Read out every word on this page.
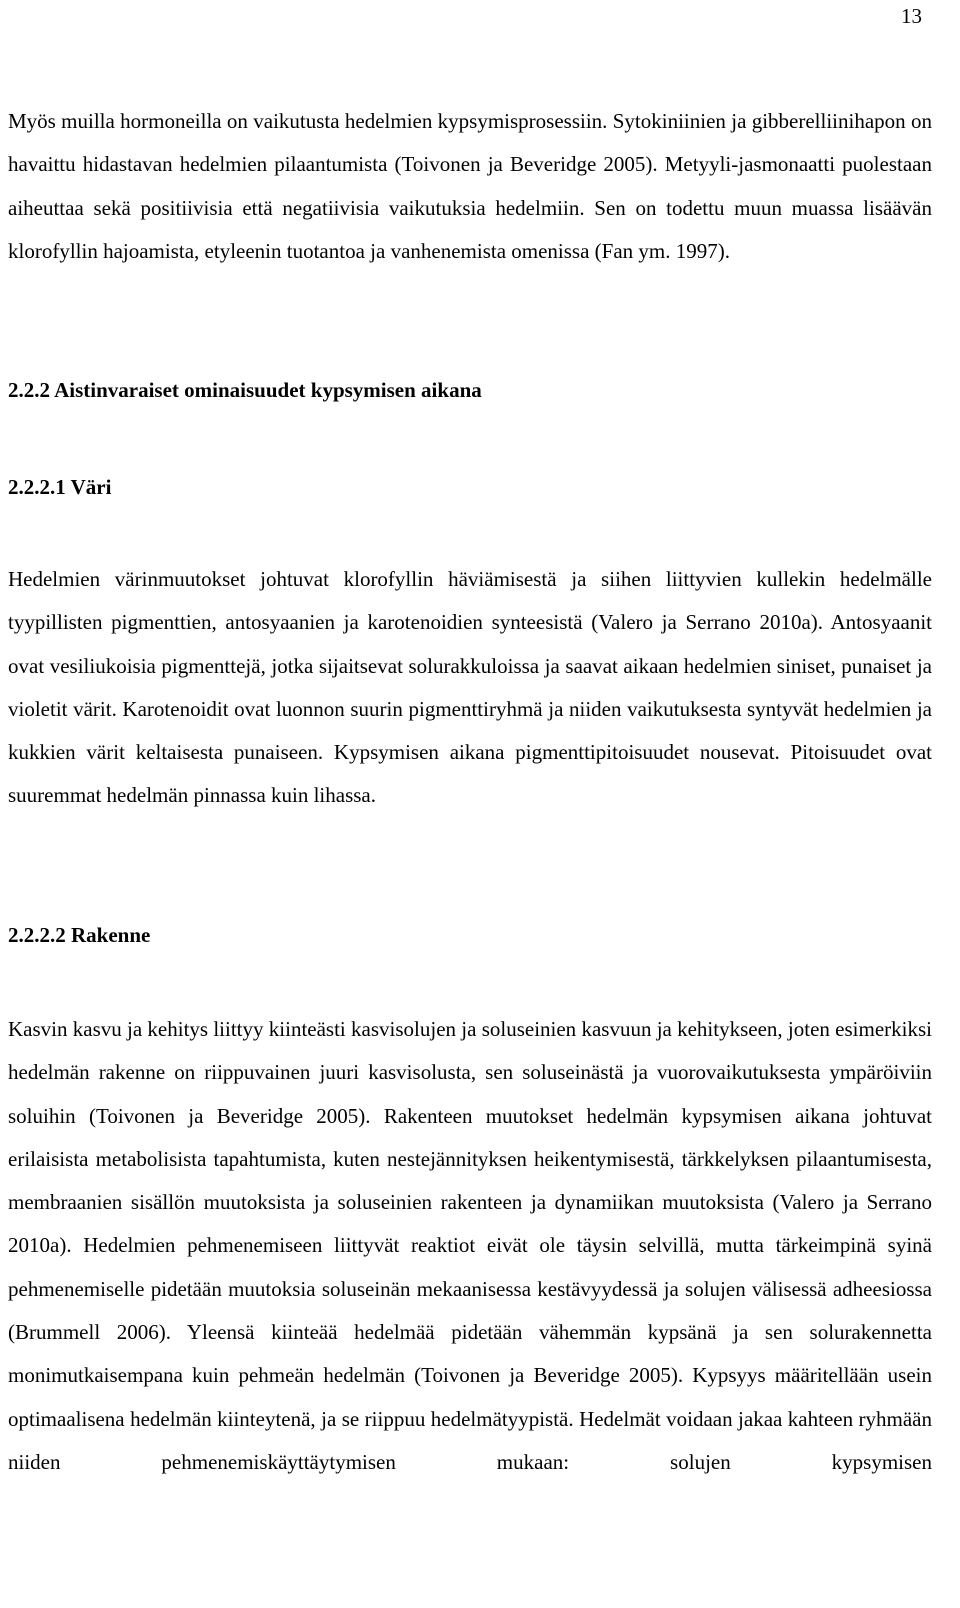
13

Myös muilla hormoneilla on vaikutusta hedelmien kypsymisprosessiin. Sytokiniinien ja gibberelliinihapon on havaittu hidastavan hedelmien pilaantumista (Toivonen ja Beveridge 2005). Metyyli-jasmonaatti puolestaan aiheuttaa sekä positiivisia että negatiivisia vaikutuksia hedelmiin. Sen on todettu muun muassa lisäävän klorofyllin hajoamista, etyleenin tuotantoa ja vanhenemista omenissa (Fan ym. 1997).

2.2.2 Aistinvaraiset ominaisuudet kypsymisen aikana
2.2.2.1 Väri

Hedelmien värinmuutokset johtuvat klorofyllin häviämisestä ja siihen liittyvien kullekin hedelmälle tyypillisten pigmenttien, antosyaanien ja karotenoidien synteesistä (Valero ja Serrano 2010a). Antosyaanit ovat vesiliukoisia pigmenttejä, jotka sijaitsevat solurakkuloissa ja saavat aikaan hedelmien siniset, punaiset ja violetit värit. Karotenoidit ovat luonnon suurin pigmenttiryhmä ja niiden vaikutuksesta syntyvät hedelmien ja kukkien värit keltaisesta punaiseen. Kypsymisen aikana pigmenttipitoisuudet nousevat. Pitoisuudet ovat suuremmat hedelmän pinnassa kuin lihassa.

2.2.2.2 Rakenne

Kasvin kasvu ja kehitys liittyy kiinteästi kasvisolujen ja soluseinien kasvuun ja kehitykseen, joten esimerkiksi hedelmän rakenne on riippuvainen juuri kasvisolusta, sen soluseinästä ja vuorovaikutuksesta ympäröiviin soluihin (Toivonen ja Beveridge 2005). Rakenteen muutokset hedelmän kypsymisen aikana johtuvat erilaisista metabolisista tapahtumista, kuten nestejännityksen heikentymisestä, tärkkelyksen pilaantumisesta, membraanien sisällön muutoksista ja soluseinien rakenteen ja dynamiikan muutoksista (Valero ja Serrano 2010a). Hedelmien pehmenemiseen liittyvät reaktiot eivät ole täysin selvillä, mutta tärkeimpinä syinä pehmenemiselle pidetään muutoksia soluseinän mekaanisessa kestävyydessä ja solujen välisessä adheesiossa (Brummell 2006). Yleensä kiinteää hedelmää pidetään vähemmän kypsänä ja sen solurakennetta monimutkaisempana kuin pehmeän hedelmän (Toivonen ja Beveridge 2005). Kypsyys määritellään usein optimaalisena hedelmän kiinteytenä, ja se riippuu hedelmätyypistä. Hedelmät voidaan jakaa kahteen ryhmään niiden pehmenemiskäyttäytymisen mukaan: solujen kypsymisen
